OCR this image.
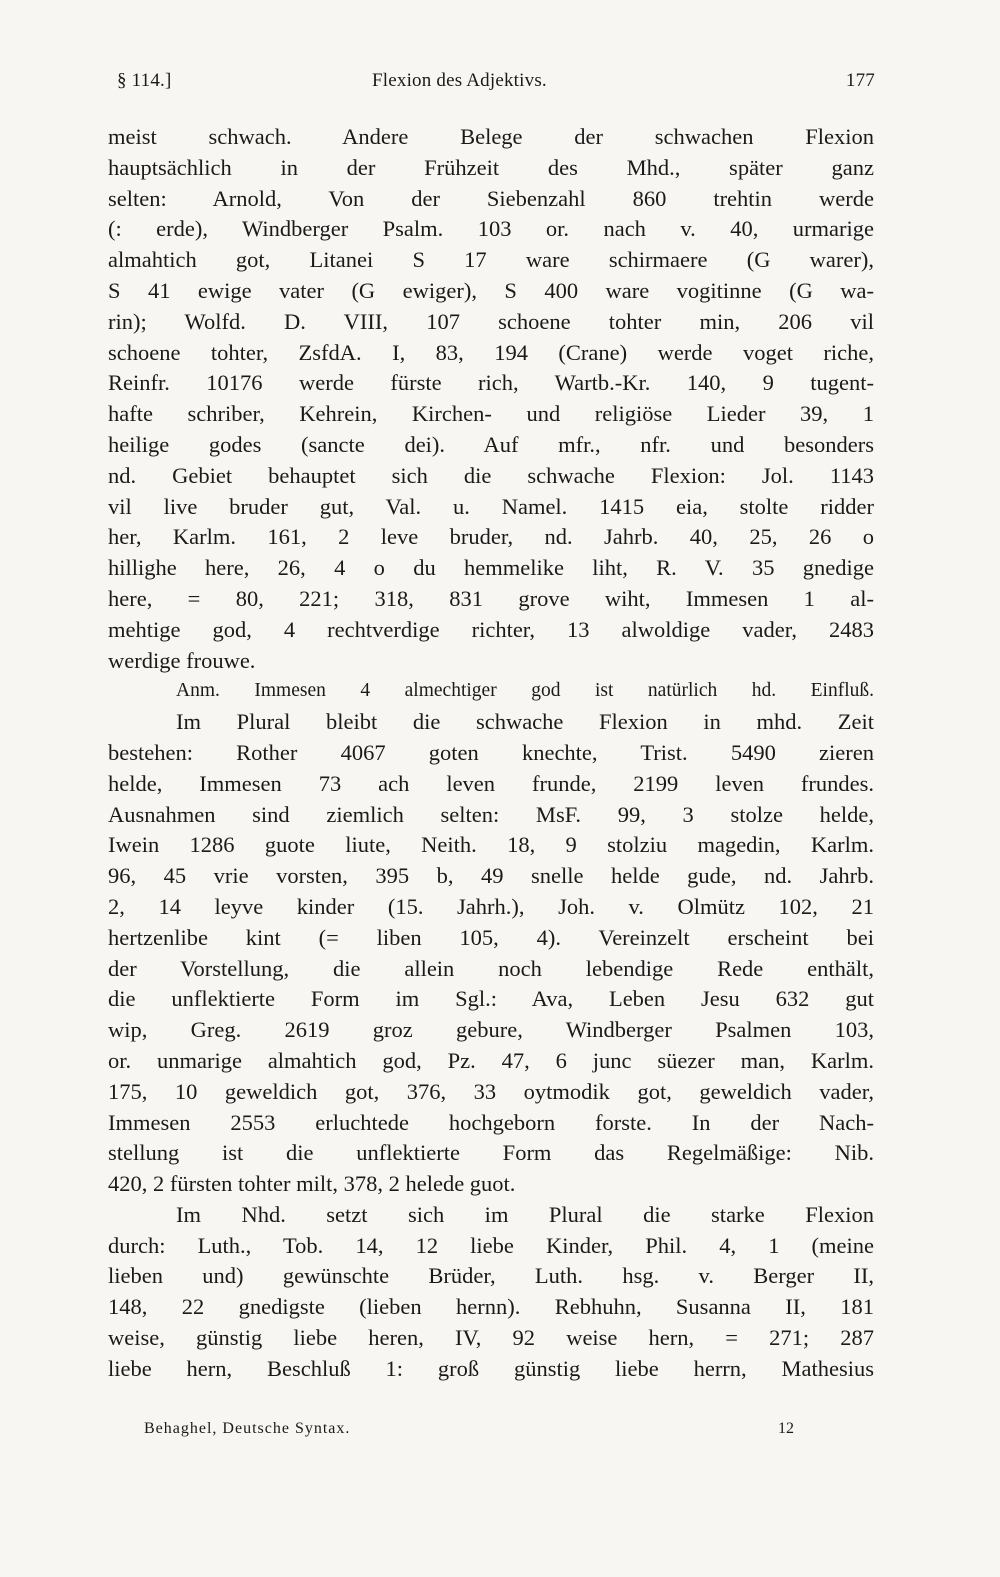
§ 114.]	Flexion des Adjektivs.	177
meist schwach. Andere Belege der schwachen Flexion
hauptsächlich in der Frühzeit des Mhd., später ganz
selten: Arnold, Von der Siebenzahl 860 trehtin werde
(: erde), Windberger Psalm. 103 or. nach v. 40, urmarige
almahtich got, Litanei S 17 ware schirmaere (G warer),
S 41 ewige vater (G ewiger), S 400 ware vogitinne (G wa-
rin); Wolfd. D. VIII, 107 schoene tohter min, 206 vil
schoene tohter, ZsfdA. I, 83, 194 (Crane) werde voget riche,
Reinfr. 10176 werde fürste rich, Wartb.-Kr. 140, 9 tugent-
hafte schriber, Kehrein, Kirchen- und religiöse Lieder 39, 1
heilige godes (sancte dei). Auf mfr., nfr. und besonders
nd. Gebiet behauptet sich die schwache Flexion: Jol. 1143
vil live bruder gut, Val. u. Namel. 1415 eia, stolte ridder
her, Karlm. 161, 2 leve bruder, nd. Jahrb. 40, 25, 26 o
hillighe here, 26, 4 o du hemmelike liht, R. V. 35 gnedige
here, = 80, 221; 318, 831 grove wiht, Immesen 1 al-
mehtige god, 4 rechtverdige richter, 13 alwoldige vader, 2483
werdige frouwe.
Anm. Immesen 4 almechtiger god ist natürlich hd. Einfluß.
Im Plural bleibt die schwache Flexion in mhd. Zeit
bestehen: Rother 4067 goten knechte, Trist. 5490 zieren
helde, Immesen 73 ach leven frunde, 2199 leven frundes.
Ausnahmen sind ziemlich selten: MsF. 99, 3 stolze helde,
Iwein 1286 guote liute, Neith. 18, 9 stolziu magedin, Karlm.
96, 45 vrie vorsten, 395 b, 49 snelle helde gude, nd. Jahrb.
2, 14 leyve kinder (15. Jahrh.), Joh. v. Olmütz 102, 21
hertzenlibe kint (= liben 105, 4). Vereinzelt erscheint bei
der Vorstellung, die allein noch lebendige Rede enthält,
die unflektierte Form im Sgl.: Ava, Leben Jesu 632 gut
wip, Greg. 2619 groz gebure, Windberger Psalmen 103,
or. unmarige almahtich god, Pz. 47, 6 junc süezer man, Karlm.
175, 10 geweldich got, 376, 33 oytmodik got, geweldich vader,
Immesen 2553 erluchtede hochgeborn forste. In der Nach-
stellung ist die unflektierte Form das Regelmäßige: Nib.
420, 2 fürsten tohter milt, 378, 2 helede guot.
Im Nhd. setzt sich im Plural die starke Flexion
durch: Luth., Tob. 14, 12 liebe Kinder, Phil. 4, 1 (meine
lieben und) gewünschte Brüder, Luth. hsg. v. Berger II,
148, 22 gnedigste (lieben hernn). Rebhuhn, Susanna II, 181
weise, günstig liebe heren, IV, 92 weise hern, = 271; 287
liebe hern, Beschluß 1: groß günstig liebe herrn, Mathesius
Behaghel, Deutsche Syntax.	12
